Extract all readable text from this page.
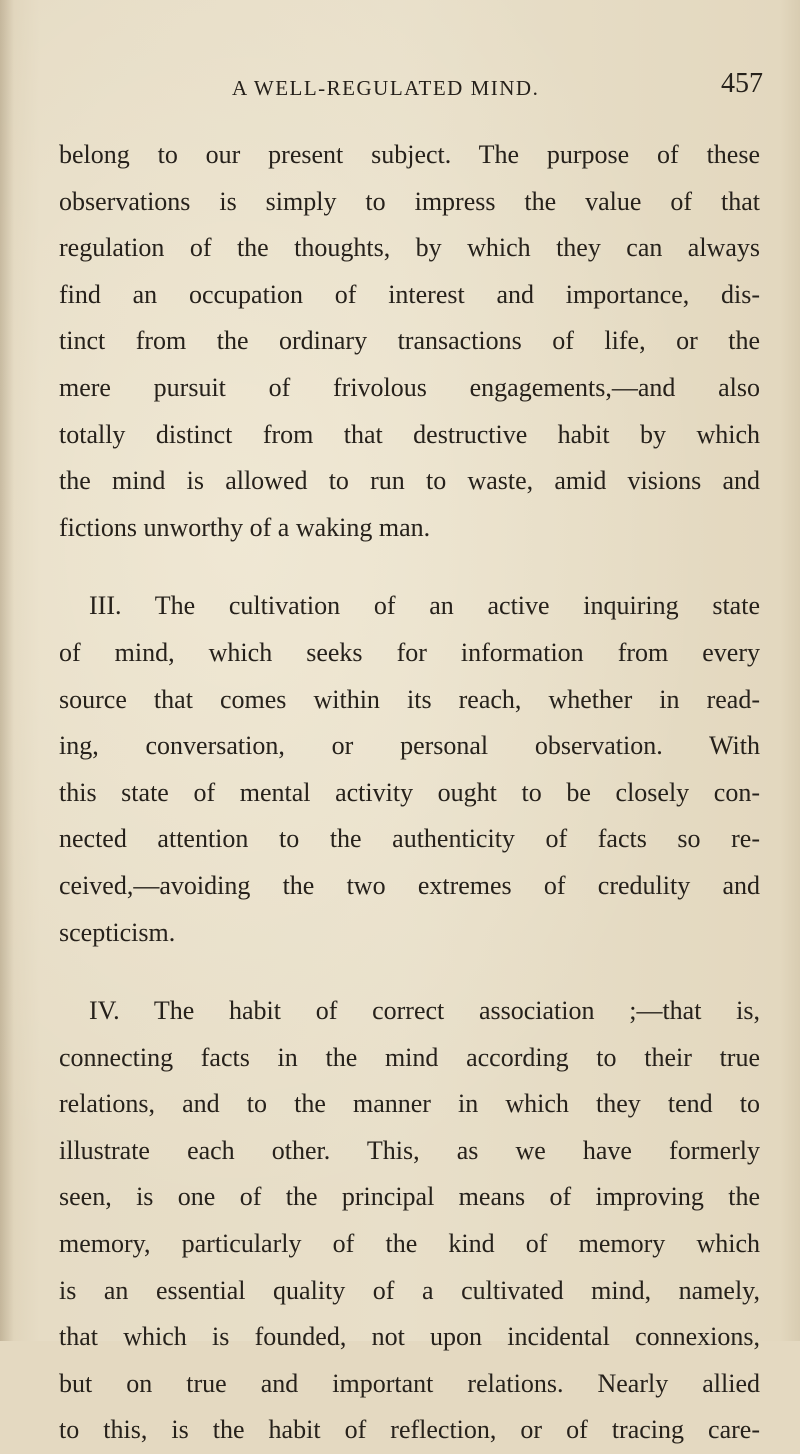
A WELL-REGULATED MIND.	457
belong to our present subject. The purpose of these
observations is simply to impress the value of that
regulation of the thoughts, by which they can always
find an occupation of interest and importance, dis-
tinct from the ordinary transactions of life, or the
mere pursuit of frivolous engagements,—and also
totally distinct from that destructive habit by which
the mind is allowed to run to waste, amid visions and
fictions unworthy of a waking man.
III. The cultivation of an active inquiring state
of mind, which seeks for information from every
source that comes within its reach, whether in read-
ing, conversation, or personal observation. With
this state of mental activity ought to be closely con-
nected attention to the authenticity of facts so re-
ceived,—avoiding the two extremes of credulity and
scepticism.
IV. The habit of correct association ;—that is,
connecting facts in the mind according to their true
relations, and to the manner in which they tend to
illustrate each other. This, as we have formerly
seen, is one of the principal means of improving the
memory, particularly of the kind of memory which
is an essential quality of a cultivated mind, namely,
that which is founded, not upon incidental connexions,
but on true and important relations. Nearly allied
to this, is the habit of reflection, or of tracing care-
